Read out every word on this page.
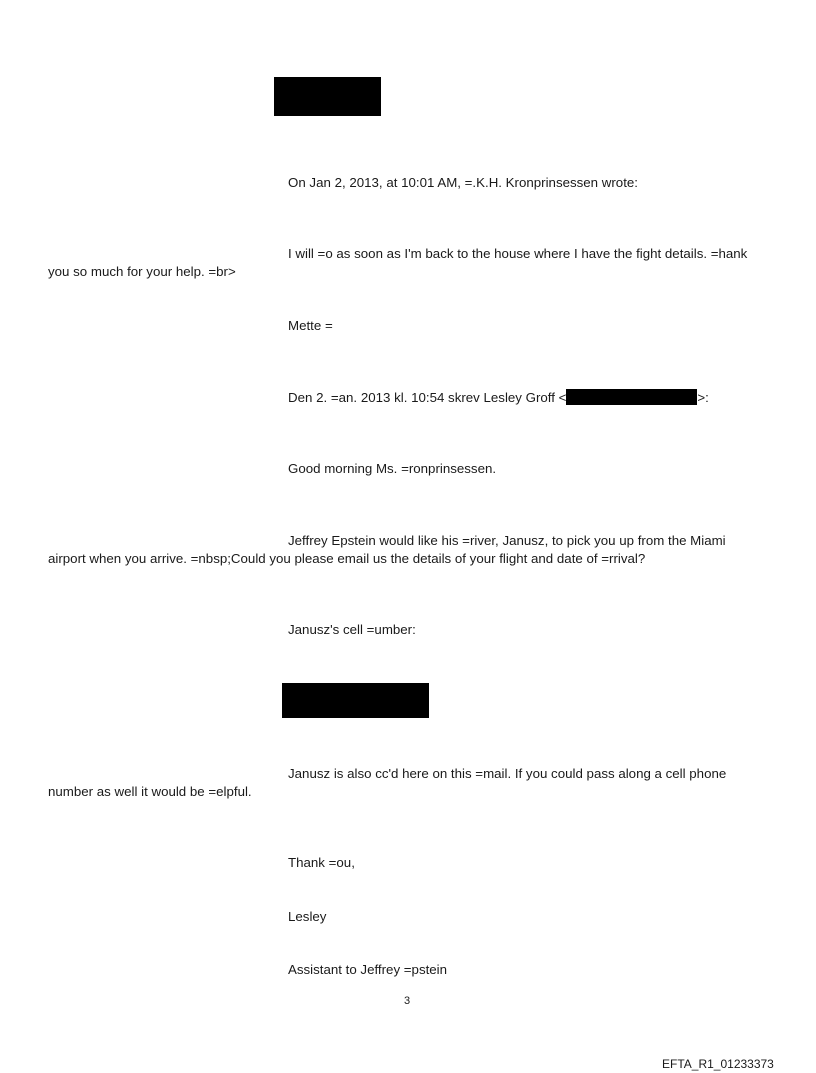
On Jan 2, 2013, at 10:01 AM, =.K.H. Kronprinsessen wrote:
I will =o as soon as I'm back to the house where I have the fight details. =hank
you so much for your help. =br>
Mette =
Den 2. =an. 2013 kl. 10:54 skrev Lesley Groff <	>:
Good morning Ms. =ronprinsessen.
Jeffrey Epstein would like his =river, Janusz, to pick you up from the Miami
airport when you arrive. =nbsp;Could you please email us the details of your flight and date of =rrival?
Janusz's cell =umber:
Janusz is also cc'd here on this =mail. If you could pass along a cell phone
number as well it would be =elpful.
Thank =ou,
Lesley
Assistant to Jeffrey =pstein
3
EFTA_R1_01233373
